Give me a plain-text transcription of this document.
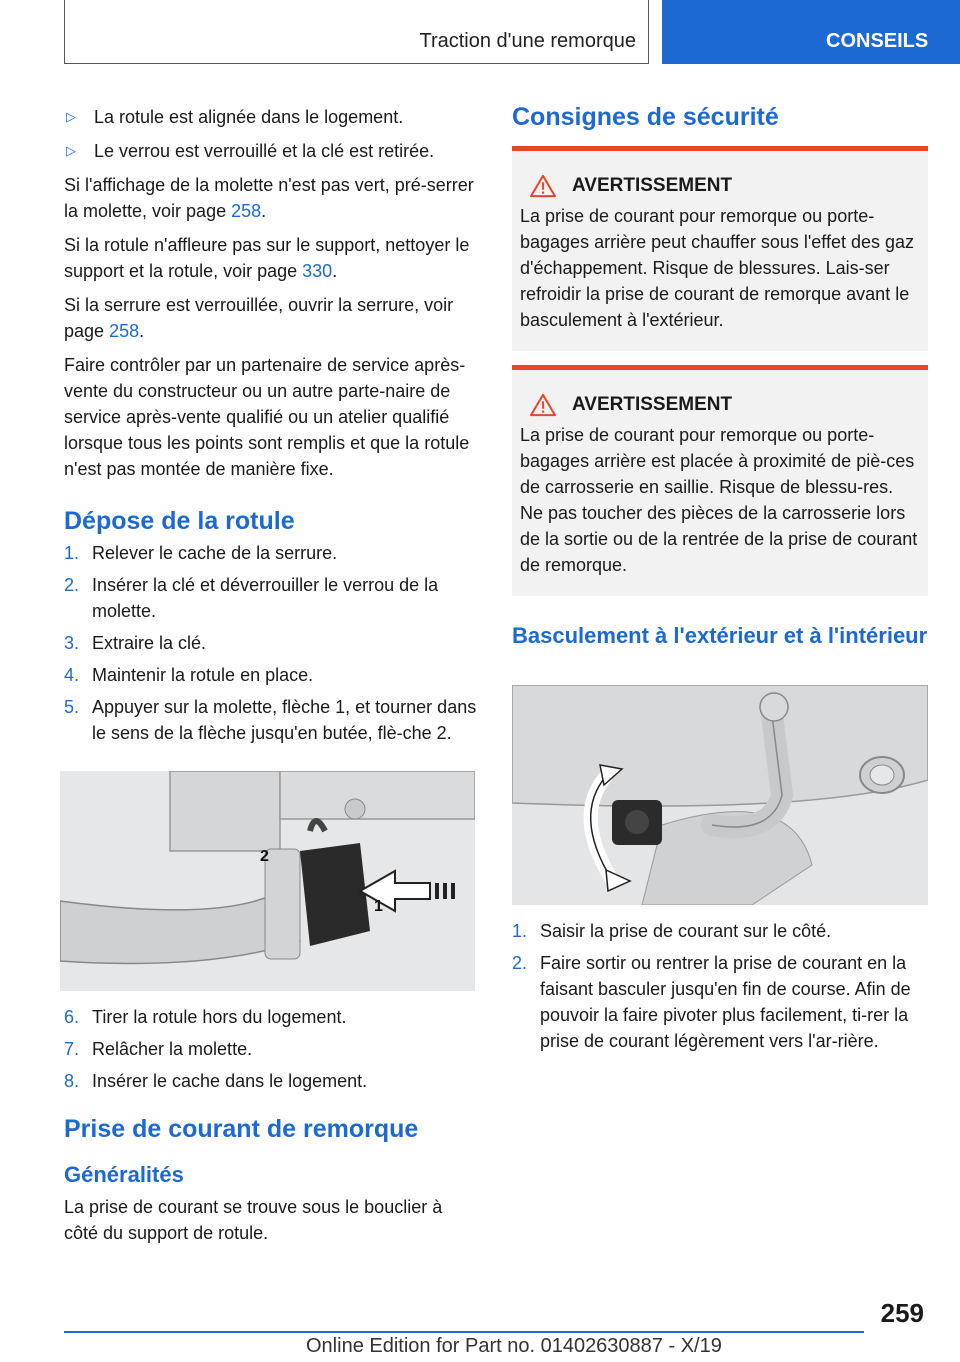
Traction d'une remorque	CONSEILS
▷	La rotule est alignée dans le logement.
▷	Le verrou est verrouillé et la clé est retirée.

Si l'affichage de la molette n'est pas vert, pré-serrer la molette, voir page 258.

Si la rotule n'affleure pas sur le support, nettoyer le support et la rotule, voir page 330.

Si la serrure est verrouillée, ouvrir la serrure, voir page 258.

Faire contrôler par un partenaire de service après-vente du constructeur ou un autre parte-naire de service après-vente qualifié ou un atelier qualifié lorsque tous les points sont remplis et que la rotule n'est pas montée de manière fixe.

Dépose de la rotule
1. Relever le cache de la serrure.
2. Insérer la clé et déverrouiller le verrou de la molette.
3. Extraire la clé.
4. Maintenir la rotule en place.
5. Appuyer sur la molette, flèche 1, et tourner dans le sens de la flèche jusqu'en butée, flè-che 2.
2
1
6. Tirer la rotule hors du logement.
7. Relâcher la molette.
8. Insérer le cache dans le logement.
Prise de courant de remorque
Généralités

La prise de courant se trouve sous le bouclier à côté du support de rotule.

Consignes de sécurité
AVERTISSEMENT

La prise de courant pour remorque ou porte-bagages arrière peut chauffer sous l'effet des gaz d'échappement. Risque de blessures. Lais-ser refroidir la prise de courant de remorque avant le basculement à l'extérieur.

AVERTISSEMENT

La prise de courant pour remorque ou porte-bagages arrière est placée à proximité de piè-ces de carrosserie en saillie. Risque de blessu-res. Ne pas toucher des pièces de la carrosserie lors de la sortie ou de la rentrée de la prise de courant de remorque.

Basculement à l'extérieur et à l'intérieur
1. Saisir la prise de courant sur le côté.
2. Faire sortir ou rentrer la prise de courant en la faisant basculer jusqu'en fin de course. Afin de pouvoir la faire pivoter plus facilement, ti-rer la prise de courant légèrement vers l'ar-rière.
259
Online Edition for Part no. 01402630887 - X/19
